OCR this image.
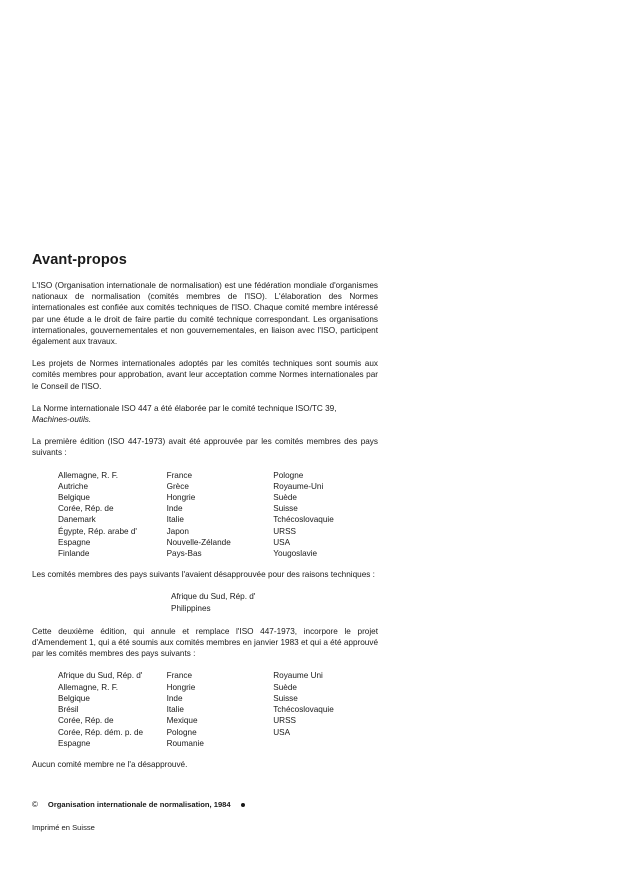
Avant-propos

L'ISO (Organisation internationale de normalisation) est une fédération mondiale d'organismes nationaux de normalisation (comités membres de l'ISO). L'élaboration des Normes internationales est confiée aux comités techniques de l'ISO. Chaque comité membre intéressé par une étude a le droit de faire partie du comité technique correspondant. Les organisations internationales, gouvernementales et non gouvernementales, en liaison avec l'ISO, participent également aux travaux.

Les projets de Normes internationales adoptés par les comités techniques sont soumis aux comités membres pour approbation, avant leur acceptation comme Normes internationales par le Conseil de l'ISO.

La Norme internationale ISO 447 a été élaborée par le comité technique ISO/TC 39,
Machines-outils.

La première édition (ISO 447-1973) avait été approuvée par les comités membres des pays suivants :

Allemagne, R. F.
Autriche
Belgique
Corée, Rép. de
Danemark
Égypte, Rép. arabe d'
Espagne
Finlande
France
Grèce
Hongrie
Inde
Italie
Japon
Nouvelle-Zélande
Pays-Bas
Pologne
Royaume-Uni
Suède
Suisse
Tchécoslovaquie
URSS
USA
Yougoslavie

Les comités membres des pays suivants l'avaient désapprouvée pour des raisons techniques :

Afrique du Sud, Rép. d'
Philippines

Cette deuxième édition, qui annule et remplace l'ISO 447-1973, incorpore le projet d'Amendement 1, qui a été soumis aux comités membres en janvier 1983 et qui a été approuvé par les comités membres des pays suivants :

Afrique du Sud, Rép. d'
Allemagne, R. F.
Belgique
Brésil
Corée, Rép. de
Corée, Rép. dém. p. de
Espagne
France
Hongrie
Inde
Italie
Mexique
Pologne
Roumanie
Royaume Uni
Suède
Suisse
Tchécoslovaquie
URSS
USA

Aucun comité membre ne l'a désapprouvé.

© Organisation internationale de normalisation, 1984
Imprimé en Suisse
